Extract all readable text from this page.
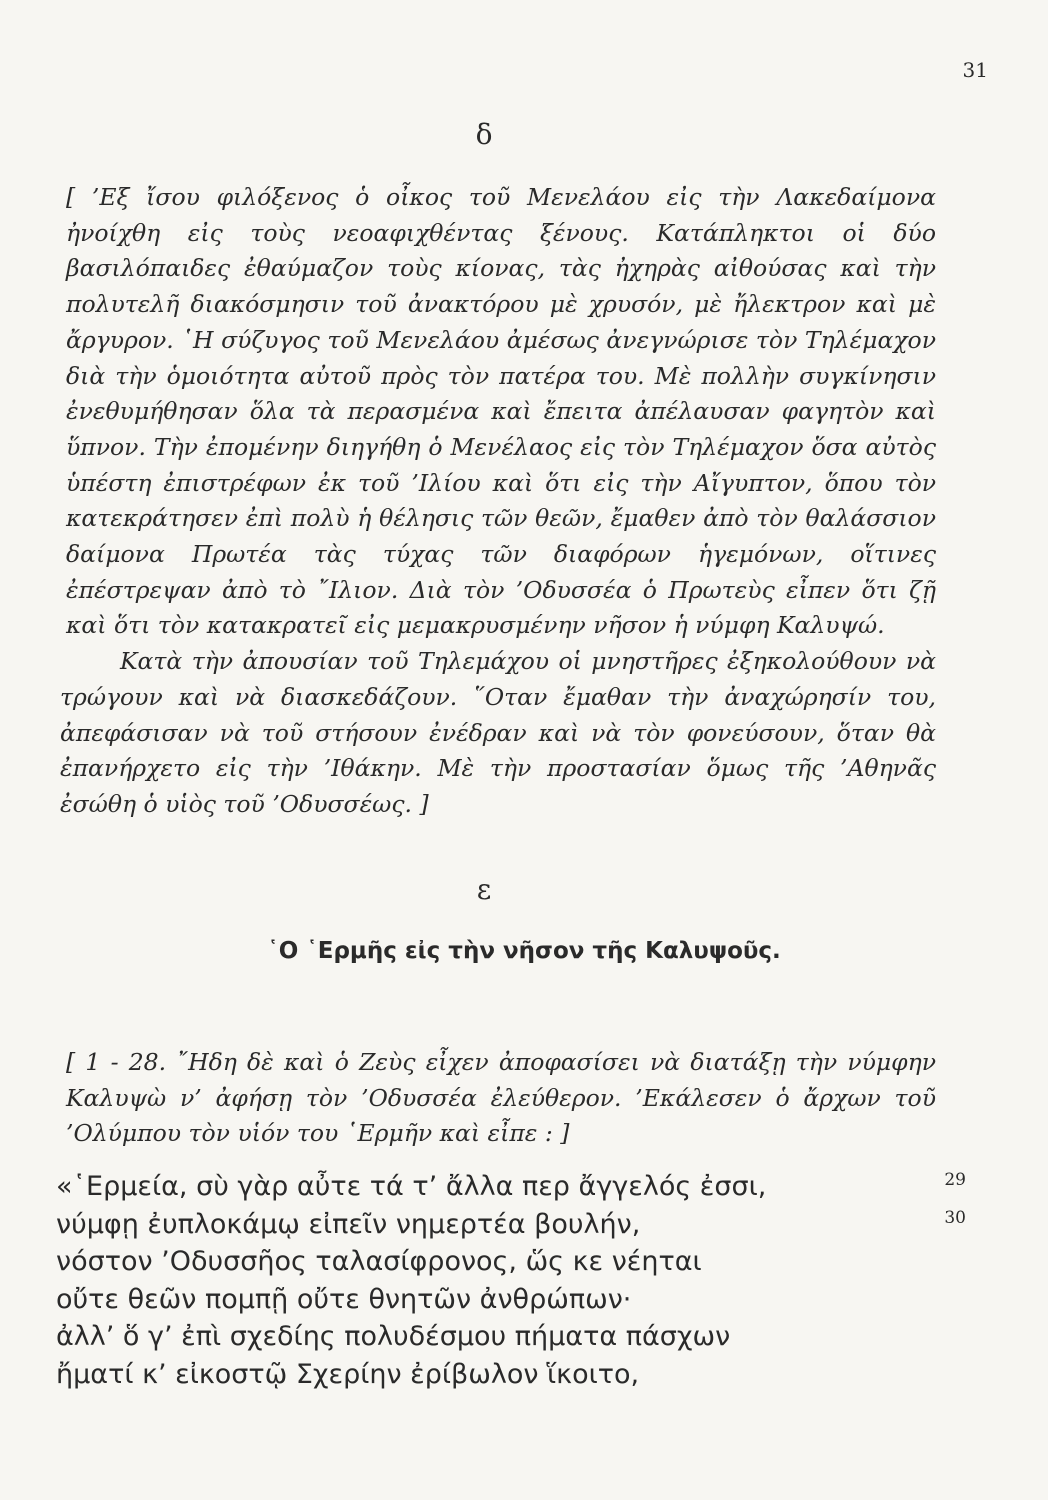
31
δ

[ ’Εξ ἴσου φιλόξενος ὁ οἶκος τοῦ Μενελάου εἰς τὴν Λακεδαίμονα ἠνοίχθη εἰς τοὺς νεοαφιχθέντας ξένους. Κατάπληκτοι οἱ δύο βασιλόπαιδες ἐθαύμαζον τοὺς κίονας, τὰς ἠχηρὰς αἰθούσας καὶ τὴν πολυτελῆ διακόσμησιν τοῦ ἀνακτόρου μὲ χρυσόν, μὲ ἤλεκτρον καὶ μὲ ἄργυρον. ῾Η σύζυγος τοῦ Μενελάου ἀμέσως ἀνεγνώρισε τὸν Τηλέμαχον διὰ τὴν ὁμοιότητα αὐτοῦ πρὸς τὸν πατέρα του. Μὲ πολλὴν συγκίνησιν ἐνεθυμήθησαν ὅλα τὰ περασμένα καὶ ἔπειτα ἀπέλαυσαν φαγητὸν καὶ ὕπνον. Τὴν ἐπομένην διηγήθη ὁ Μενέλαος εἰς τὸν Τηλέμαχον ὅσα αὐτὸς ὑπέστη ἐπιστρέφων ἐκ τοῦ ’Ιλίου καὶ ὅτι εἰς τὴν Αἴγυπτον, ὅπου τὸν κατεκράτησεν ἐπὶ πολὺ ἡ θέλησις τῶν θεῶν, ἔμαθεν ἀπὸ τὸν θαλάσσιον δαίμονα Πρωτέα τὰς τύχας τῶν διαφόρων ἡγεμόνων, οἵτινες ἐπέστρεψαν ἀπὸ τὸ ῎Ιλιον. Διὰ τὸν ’Οδυσσέα ὁ Πρωτεὺς εἶπεν ὅτι ζῇ καὶ ὅτι τὸν κατακρατεῖ εἰς μεμακρυσμένην νῆσον ἡ νύμφη Καλυψώ.

Κατὰ τὴν ἀπουσίαν τοῦ Τηλεμάχου οἱ μνηστῆρες ἐξηκολούθουν νὰ τρώγουν καὶ νὰ διασκεδάζουν. ῞Οταν ἔμαθαν τὴν ἀναχώρησίν του, ἀπεφάσισαν νὰ τοῦ στήσουν ἐνέδραν καὶ νὰ τὸν φονεύσουν, ὅταν θὰ ἐπανήρχετο εἰς τὴν ’Ιθάκην. Μὲ τὴν προστασίαν ὅμως τῆς ’Αθηνᾶς ἐσώθη ὁ υἱὸς τοῦ ’Οδυσσέως. ]

ε
῾Ο ῾Ερμῆς εἰς τὴν νῆσον τῆς Καλυψοῦς.

[ 1 - 28. ῎Ηδη δὲ καὶ ὁ Ζεὺς εἶχεν ἀποφασίσει νὰ διατάξῃ τὴν νύμφην Καλυψὼ ν’ ἀφήσῃ τὸν ’Οδυσσέα ἐλεύθερον. ’Εκάλεσεν ὁ ἄρχων τοῦ ’Ολύμπου τὸν υἱόν του ῾Ερμῆν καὶ εἶπε : ]

«῾Ερμεία, σὺ γὰρ αὖτε τά τ’ ἄλλα περ ἄγγελός ἐσσι,	29
νύμφῃ ἐυπλοκάμῳ εἰπεῖν νημερτέα βουλήν,	30
νόστον ’Οδυσσῆος ταλασίφρονος, ὥς κε νέηται
οὔτε θεῶν πομπῇ οὔτε θνητῶν ἀνθρώπων·
ἀλλ’ ὅ γ’ ἐπὶ σχεδίης πολυδέσμου πήματα πάσχων
ἤματί κ’ εἰκοστῷ Σχερίην ἐρίβωλον ἵκοιτο,
